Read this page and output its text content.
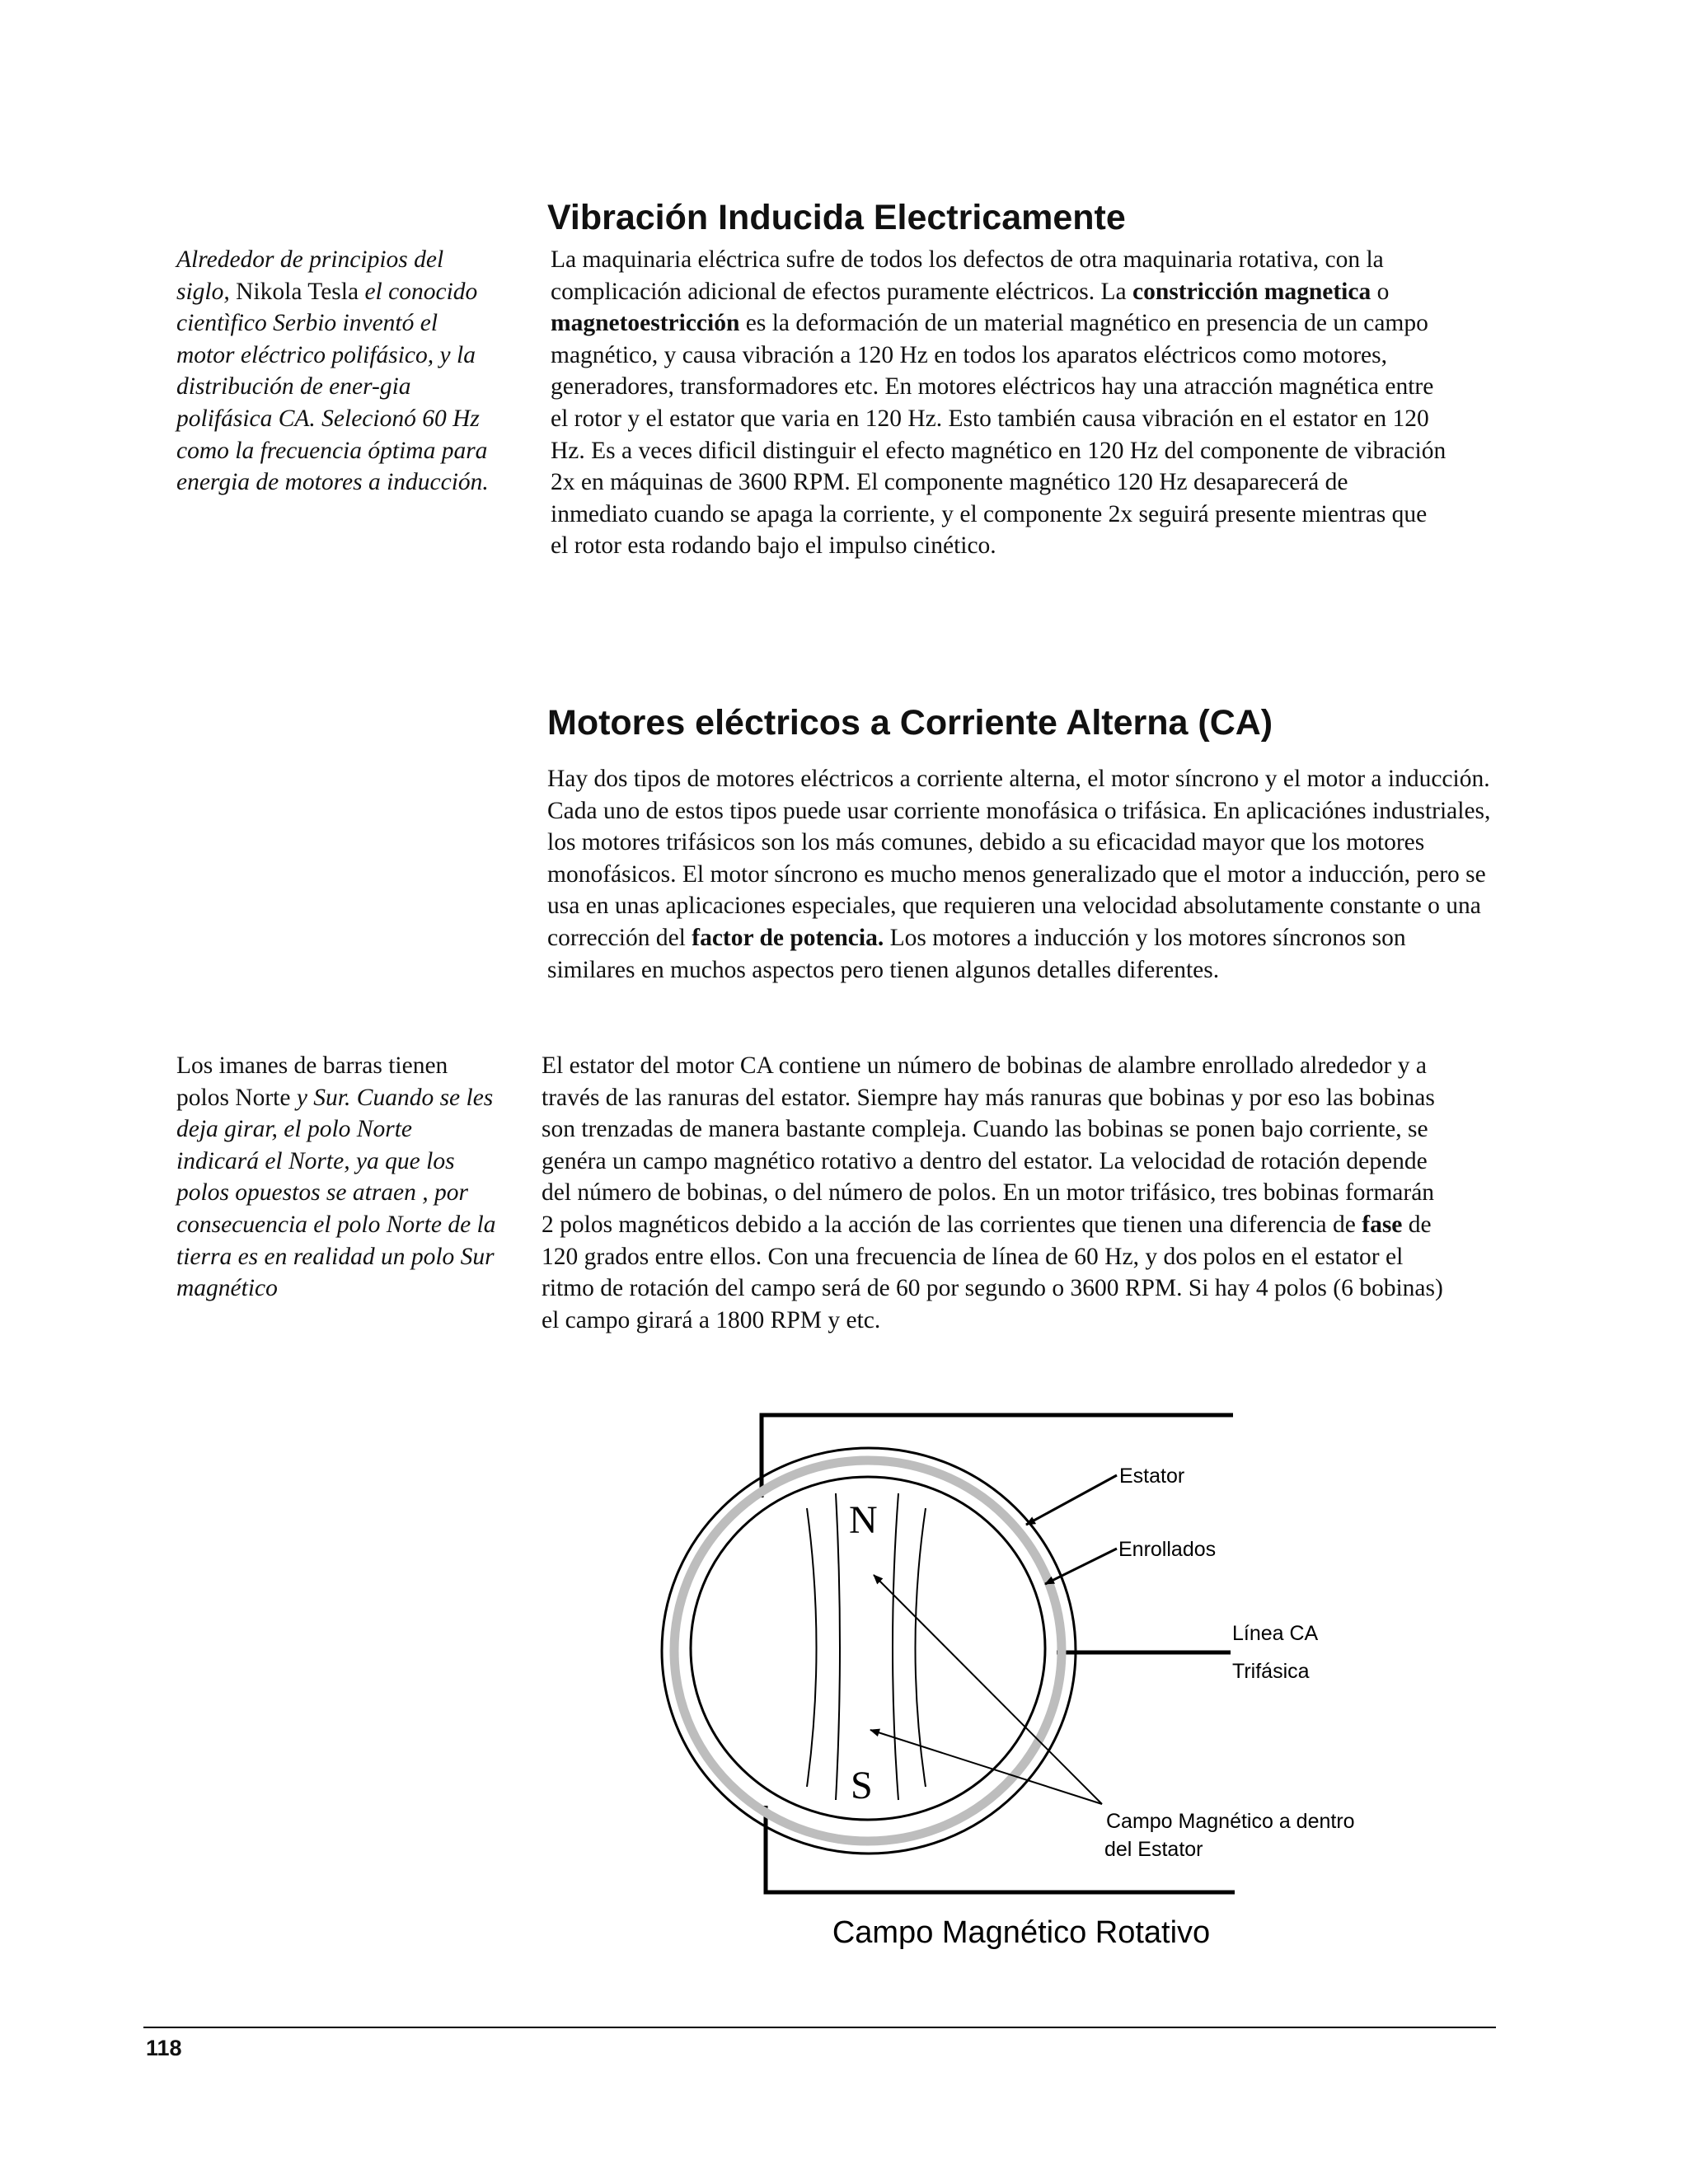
Vibración Inducida Electricamente

Alrededor de principios del siglo, Nikola Tesla el conocido cientìfico Serbio inventó el motor eléctrico polifásico, y la distribución de ener-gia polifásica CA. Selecionó 60 Hz como la frecuencia óptima para energia de motores a inducción.

La maquinaria eléctrica sufre de todos los defectos de otra maquinaria rotativa, con la complicación adicional de efectos puramente eléctricos. La constricción magnetica o magnetoestricción es la deformación de un material magnético en presencia de un campo magnético, y causa vibración a 120 Hz en todos los aparatos eléctricos como motores, generadores, transformadores etc. En motores eléctricos hay una atracción magnética entre el rotor y el estator que varia en 120 Hz. Esto también causa vibración en el estator en 120 Hz. Es a veces dificil distinguir el efecto magnético en 120 Hz del componente de vibración 2x en máquinas de 3600 RPM. El componente magnético 120 Hz desaparecerá de inmediato cuando se apaga la corriente, y el componente 2x seguirá presente mientras que el rotor esta rodando bajo el impulso cinético.

Motores eléctricos a Corriente Alterna (CA)

Hay dos tipos de motores eléctricos a corriente alterna, el motor síncrono y el motor a inducción. Cada uno de estos tipos puede usar corriente monofásica o trifásica. En aplicaciónes industriales, los motores trifásicos son los más comunes, debido a su eficacidad mayor que los motores monofásicos. El motor síncrono es mucho menos generalizado que el motor a inducción, pero se usa en unas aplicaciones especiales, que requieren una velocidad absolutamente constante o una corrección del factor de potencia. Los motores a inducción y los motores síncronos son similares en muchos aspectos pero tienen algunos detalles diferentes.

Los imanes de barras tienen polos Norte y Sur. Cuando se les deja girar, el polo Norte indicará el Norte, ya que los polos opuestos se atraen , por consecuencia el polo Norte de la tierra es en realidad un polo Sur magnético

El estator del motor CA contiene un número de bobinas de alambre enrollado alrededor y a través de las ranuras del estator. Siempre hay más ranuras que bobinas y por eso las bobinas son trenzadas de manera bastante compleja. Cuando las bobinas se ponen bajo corriente, se genéra un campo magnético rotativo a dentro del estator. La velocidad de rotación depende del número de bobinas, o del número de polos. En un motor trifásico, tres bobinas formarán 2 polos magnéticos debido a la acción de las corrientes que tienen una diferencia de fase de 120 grados entre ellos. Con una frecuencia de línea de 60 Hz, y dos polos en el estator el ritmo de rotación del campo será de 60 por segundo o 3600 RPM. Si hay 4 polos (6 bobinas) el campo girará a 1800 RPM y etc.

N
S
Estator
Enrollados
Línea CA
Trifásica
Campo Magnético a dentro
del Estator
Campo Magnético Rotativo
118
